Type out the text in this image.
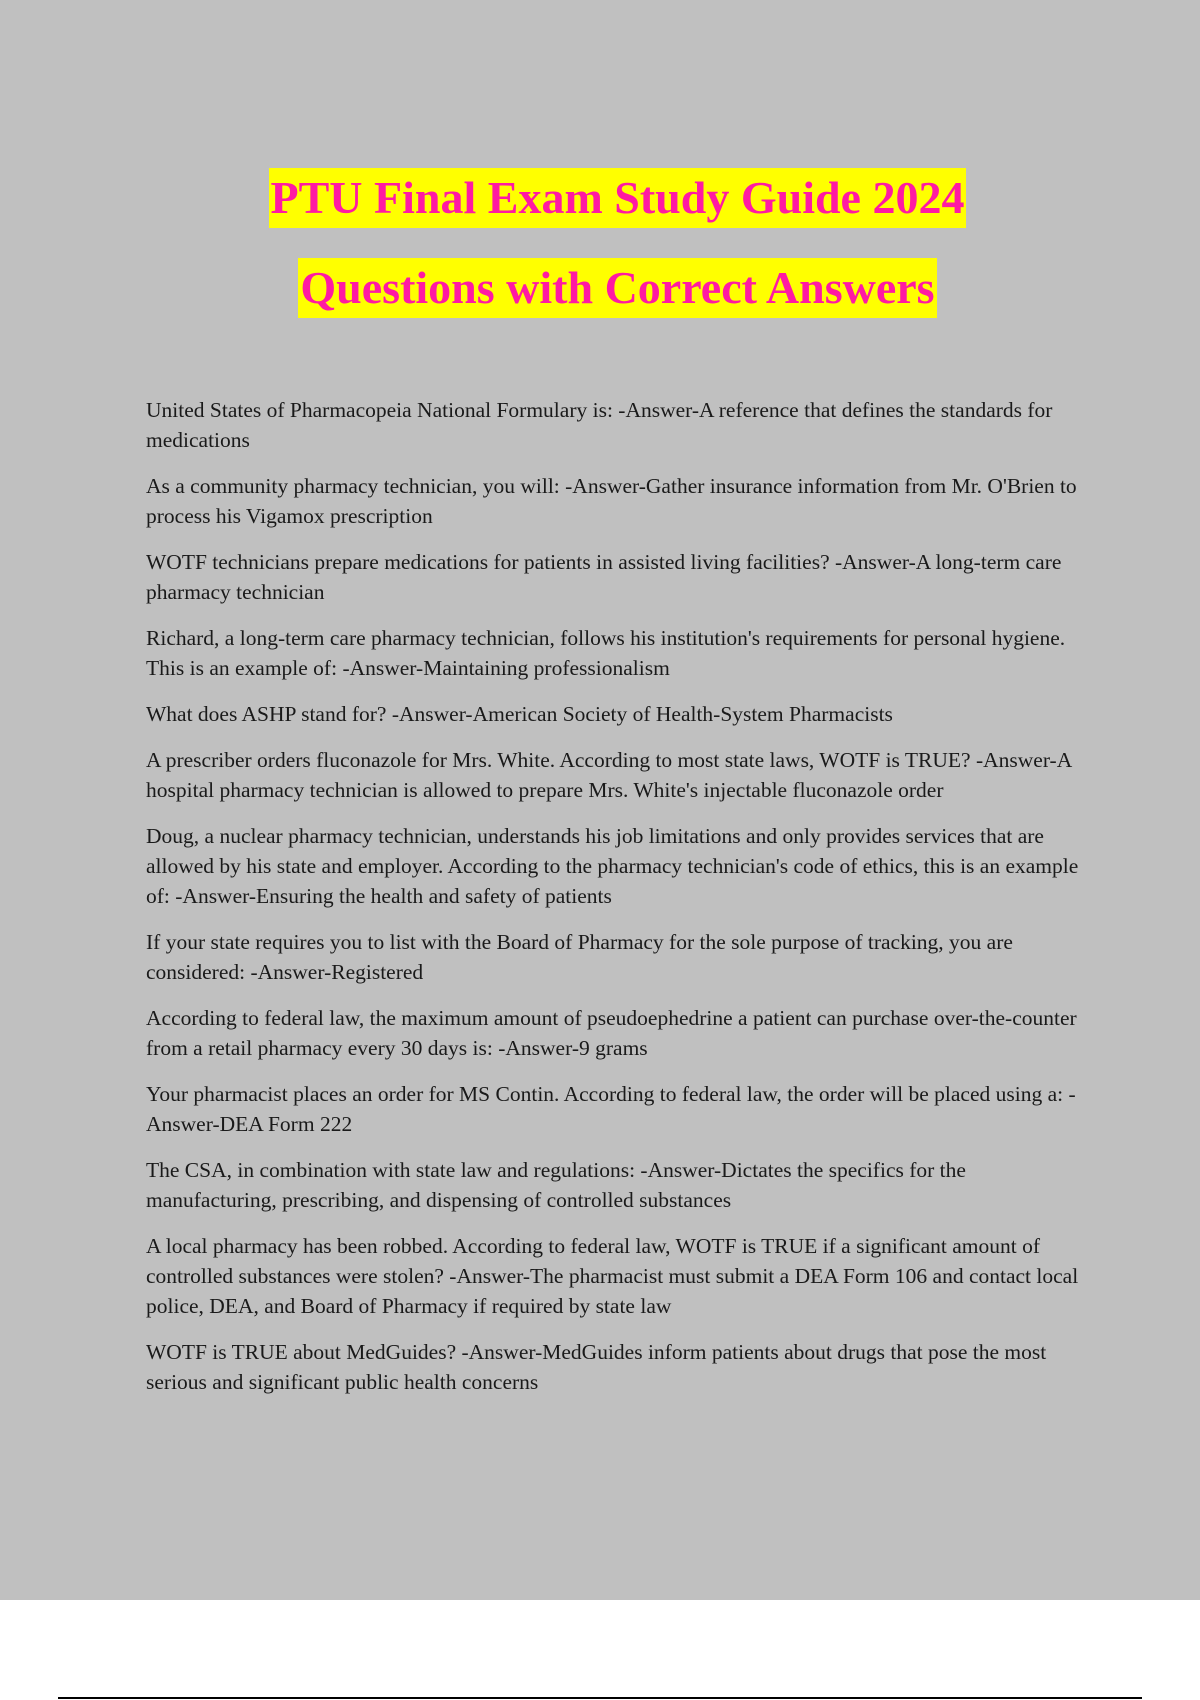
PTU Final Exam Study Guide 2024
Questions with Correct Answers
United States of Pharmacopeia National Formulary is: -Answer-A reference that defines the standards for medications
As a community pharmacy technician, you will: -Answer-Gather insurance information from Mr. O'Brien to process his Vigamox prescription
WOTF technicians prepare medications for patients in assisted living facilities? -Answer-A long-term care pharmacy technician
Richard, a long-term care pharmacy technician, follows his institution's requirements for personal hygiene. This is an example of: -Answer-Maintaining professionalism
What does ASHP stand for? -Answer-American Society of Health-System Pharmacists
A prescriber orders fluconazole for Mrs. White. According to most state laws, WOTF is TRUE? -Answer-A hospital pharmacy technician is allowed to prepare Mrs. White's injectable fluconazole order
Doug, a nuclear pharmacy technician, understands his job limitations and only provides services that are allowed by his state and employer. According to the pharmacy technician's code of ethics, this is an example of: -Answer-Ensuring the health and safety of patients
If your state requires you to list with the Board of Pharmacy for the sole purpose of tracking, you are considered: -Answer-Registered
According to federal law, the maximum amount of pseudoephedrine a patient can purchase over-the-counter from a retail pharmacy every 30 days is: -Answer-9 grams
Your pharmacist places an order for MS Contin. According to federal law, the order will be placed using a: -Answer-DEA Form 222
The CSA, in combination with state law and regulations: -Answer-Dictates the specifics for the manufacturing, prescribing, and dispensing of controlled substances
A local pharmacy has been robbed. According to federal law, WOTF is TRUE if a significant amount of controlled substances were stolen? -Answer-The pharmacist must submit a DEA Form 106 and contact local police, DEA, and Board of Pharmacy if required by state law
WOTF is TRUE about MedGuides? -Answer-MedGuides inform patients about drugs that pose the most serious and significant public health concerns
